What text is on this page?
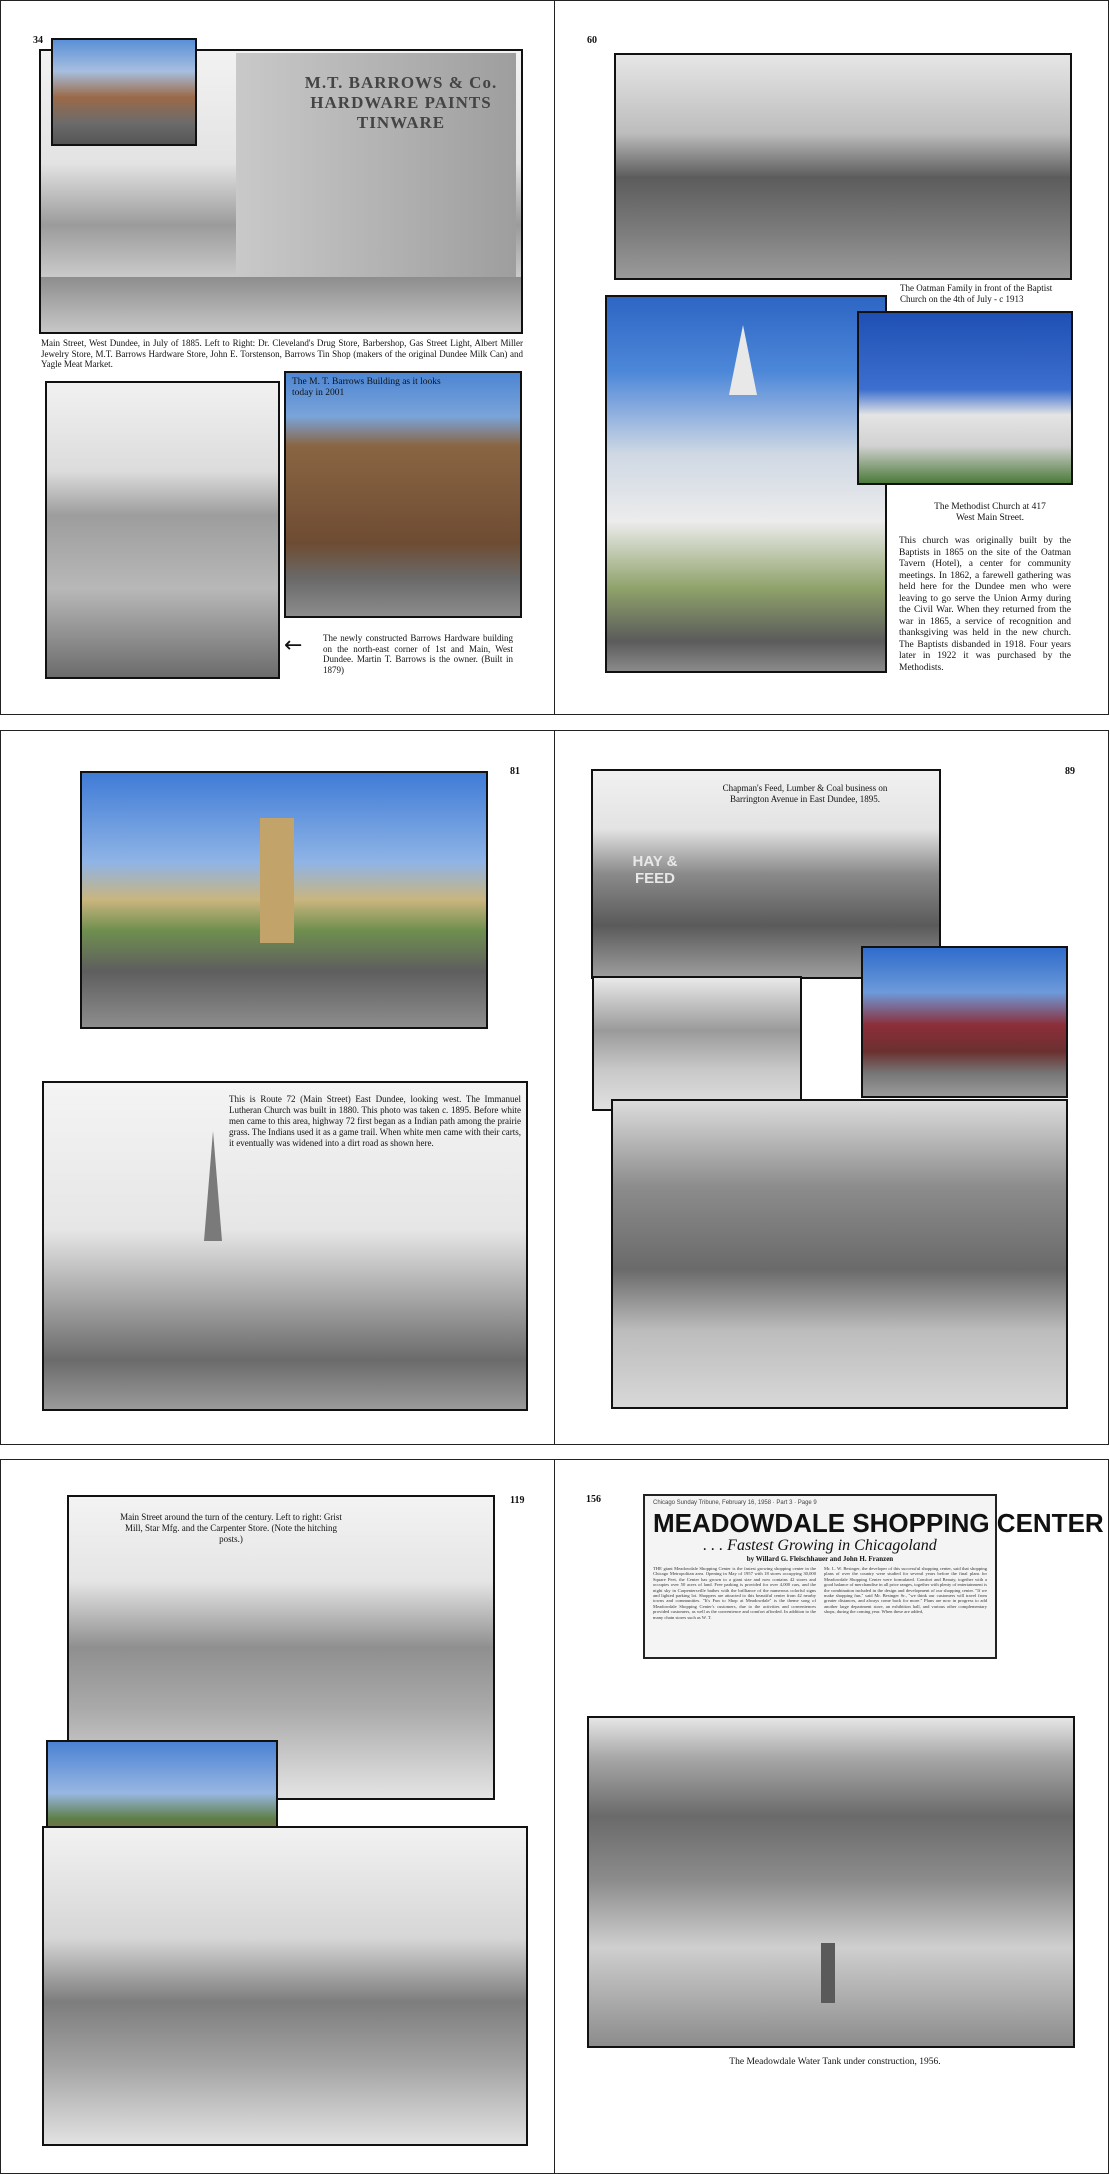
34
M.T. BARROWS & Co. HARDWARE PAINTS TINWARE
Main Street, West Dundee, in July of 1885. Left to Right: Dr. Cleveland's Drug Store, Barbershop, Gas Street Light, Albert Miller Jewelry Store, M.T. Barrows Hardware Store, John E. Torstenson, Barrows Tin Shop (makers of the original Dundee Milk Can) and Yagle Meat Market.
The M. T. Barrows Building as it looks today in 2001
← The newly constructed Barrows Hardware building on the north-east corner of 1st and Main, West Dundee. Martin T. Barrows is the owner. (Built in 1879)
60
The Oatman Family in front of the Baptist Church on the 4th of July - c 1913
The Methodist Church at 417 West Main Street.
This church was originally built by the Baptists in 1865 on the site of the Oatman Tavern (Hotel), a center for community meetings. In 1862, a farewell gathering was held here for the Dundee men who were leaving to go serve the Union Army during the Civil War. When they returned from the war in 1865, a service of recognition and thanksgiving was held in the new church. The Baptists disbanded in 1918. Four years later in 1922 it was purchased by the Methodists.
81
This is Route 72 (Main Street) East Dundee, looking west. The Immanuel Lutheran Church was built in 1880. This photo was taken c. 1895. Before white men came to this area, highway 72 first began as a Indian path among the prairie grass. The Indians used it as a game trail. When white men came with their carts, it eventually was widened into a dirt road as shown here.
89
HAY & FEED
Chapman's Feed, Lumber & Coal business on Barrington Avenue in East Dundee, 1895.
119
Main Street around the turn of the century. Left to right: Grist Mill, Star Mfg. and the Carpenter Store. (Note the hitching posts.)
156	Chicago Sunday Tribune, February 16, 1958 · Part 3 · Page 9
MEADOWDALE SHOPPING CENTER
. . . Fastest Growing in Chicagoland
by Willard G. Fleischhauer and John H. Franzen
THE giant Meadowdale Shopping Center is the fastest growing shopping center in the Chicago Metropolitan area. Opening in May of 1957 with 18 stores occupying 30,000 Square Feet, the Center has grown to a giant size and now contains 42 stores and occupies over 50 acres of land. Free parking is provided for over 4,000 cars, and the night sky in Carpentersville bathes with the brilliance of the numerous colorful signs and lighted parking lot. Shoppers are attracted to this beautiful center from 42 nearby towns and communities. "It's Fun to Shop at Meadowdale" is the theme song of Meadowdale Shopping Center's customers, due to the activities and conveniences provided customers, as well as the convenience and comfort afforded. In addition to the many chain stores such as W. T.
Mr. L. W. Besinger, the developer of this successful shopping center, said that shopping plans of over the country were studied for several years before the final plans for Meadowdale Shopping Center were formulated. Comfort and Beauty, together with a good balance of merchandise in all price ranges, together with plenty of entertainment is the combination included in the design and development of our shopping center. "If we make shopping fun," said Mr. Besinger Sr., "we think our customers will travel from greater distances, and always come back for more." Plans are now in progress to add another large department store, an exhibition hall, and various other complementary shops, during the coming year. When these are added,
The Meadowdale Water Tank under construction, 1956.
